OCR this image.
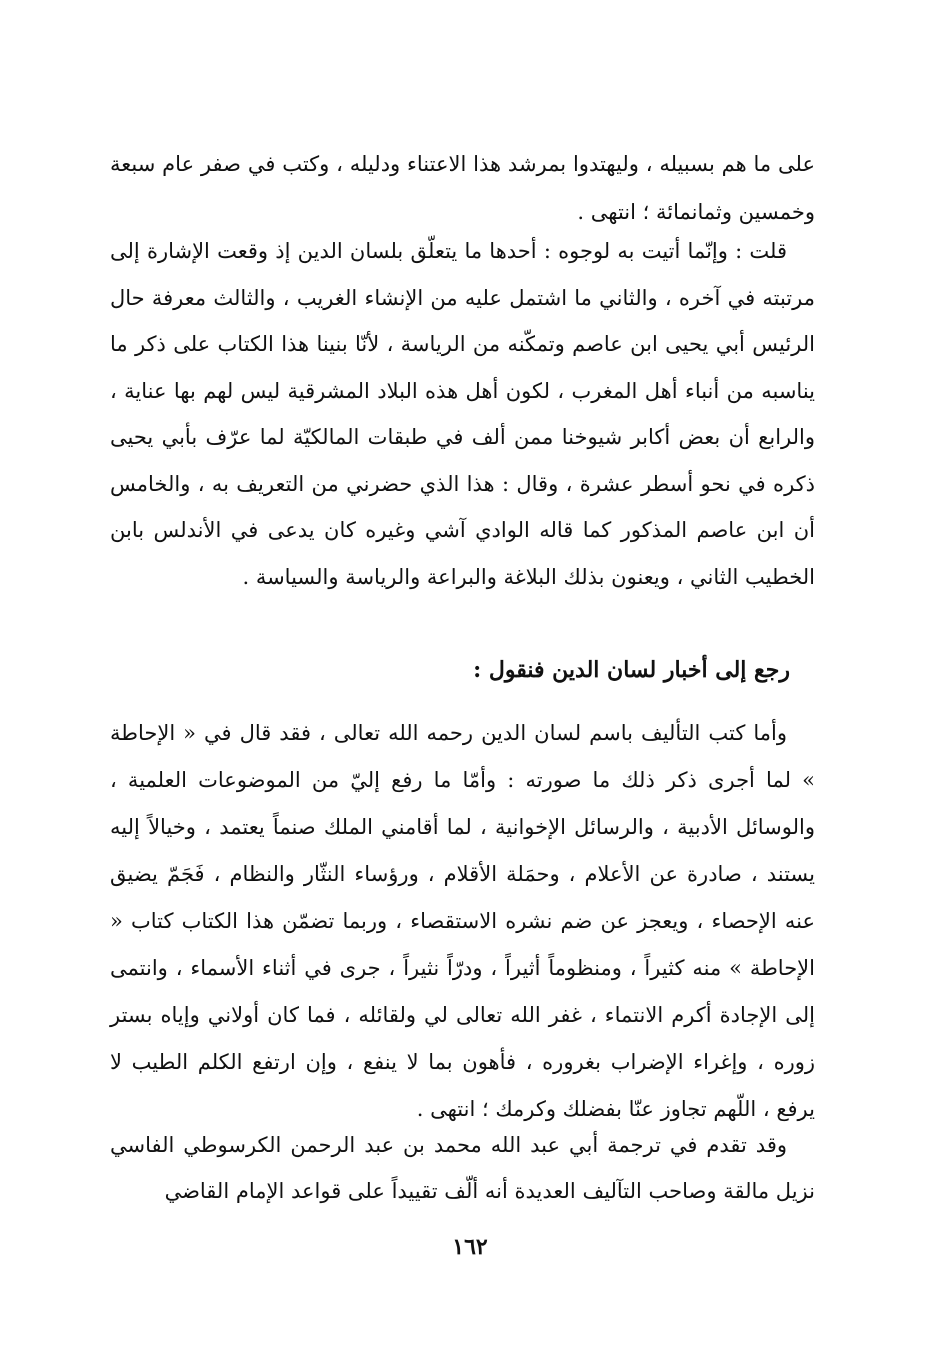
على ما هم بسبيله ، وليهتدوا بمرشد هذا الاعتناء ودليله ، وكتب في صفر عام سبعة وخمسين وثمانمائة ؛ انتهى .

قلت : وإنّما أتيت به لوجوه : أحدها ما يتعلّق بلسان الدين إذ وقعت الإشارة إلى مرتبته في آخره ، والثاني ما اشتمل عليه من الإنشاء الغريب ، والثالث معرفة حال الرئيس أبي يحيى ابن عاصم وتمكّنه من الرياسة ، لأنّا بنينا هذا الكتاب على ذكر ما يناسبه من أنباء أهل المغرب ، لكون أهل هذه البلاد المشرقية ليس لهم بها عناية ، والرابع أن بعض أكابر شيوخنا ممن ألف في طبقات المالكيّة لما عرّف بأبي يحيى ذكره في نحو أسطر عشرة ، وقال : هذا الذي حضرني من التعريف به ، والخامس أن ابن عاصم المذكور كما قاله الوادي آشي وغيره كان يدعى في الأندلس بابن الخطيب الثاني ، ويعنون بذلك البلاغة والبراعة والرياسة والسياسة .

رجع إلى أخبار لسان الدين فنقول :

وأما كتب التأليف باسم لسان الدين رحمه الله تعالى ، فقد قال في « الإحاطة » لما أجرى ذكر ذلك ما صورته : وأمّا ما رفع إليّ من الموضوعات العلمية ، والوسائل الأدبية ، والرسائل الإخوانية ، لما أقامني الملك صنماً يعتمد ، وخيالاً إليه يستند ، صادرة عن الأعلام ، وحمَلة الأقلام ، ورؤساء النثّار والنظام ، فَجَمّ يضيق عنه الإحصاء ، ويعجز عن ضم نشره الاستقصاء ، وربما تضمّن هذا الكتاب كتاب « الإحاطة » منه كثيراً ، ومنظوماً أثيراً ، ودرّاً نثيراً ، جرى في أثناء الأسماء ، وانتمى إلى الإجادة أكرم الانتماء ، غفر الله تعالى لي ولقائله ، فما كان أولاني وإياه بستر زوره ، وإغراء الإضراب بغروره ، فأهون بما لا ينفع ، وإن ارتفع الكلم الطيب لا يرفع ، اللّهم تجاوز عنّا بفضلك وكرمك ؛ انتهى .

وقد تقدم في ترجمة أبي عبد الله محمد بن عبد الرحمن الكرسوطي الفاسي نزيل مالقة وصاحب التآليف العديدة أنه ألّف تقييداً على قواعد الإمام القاضي

١٦٢
